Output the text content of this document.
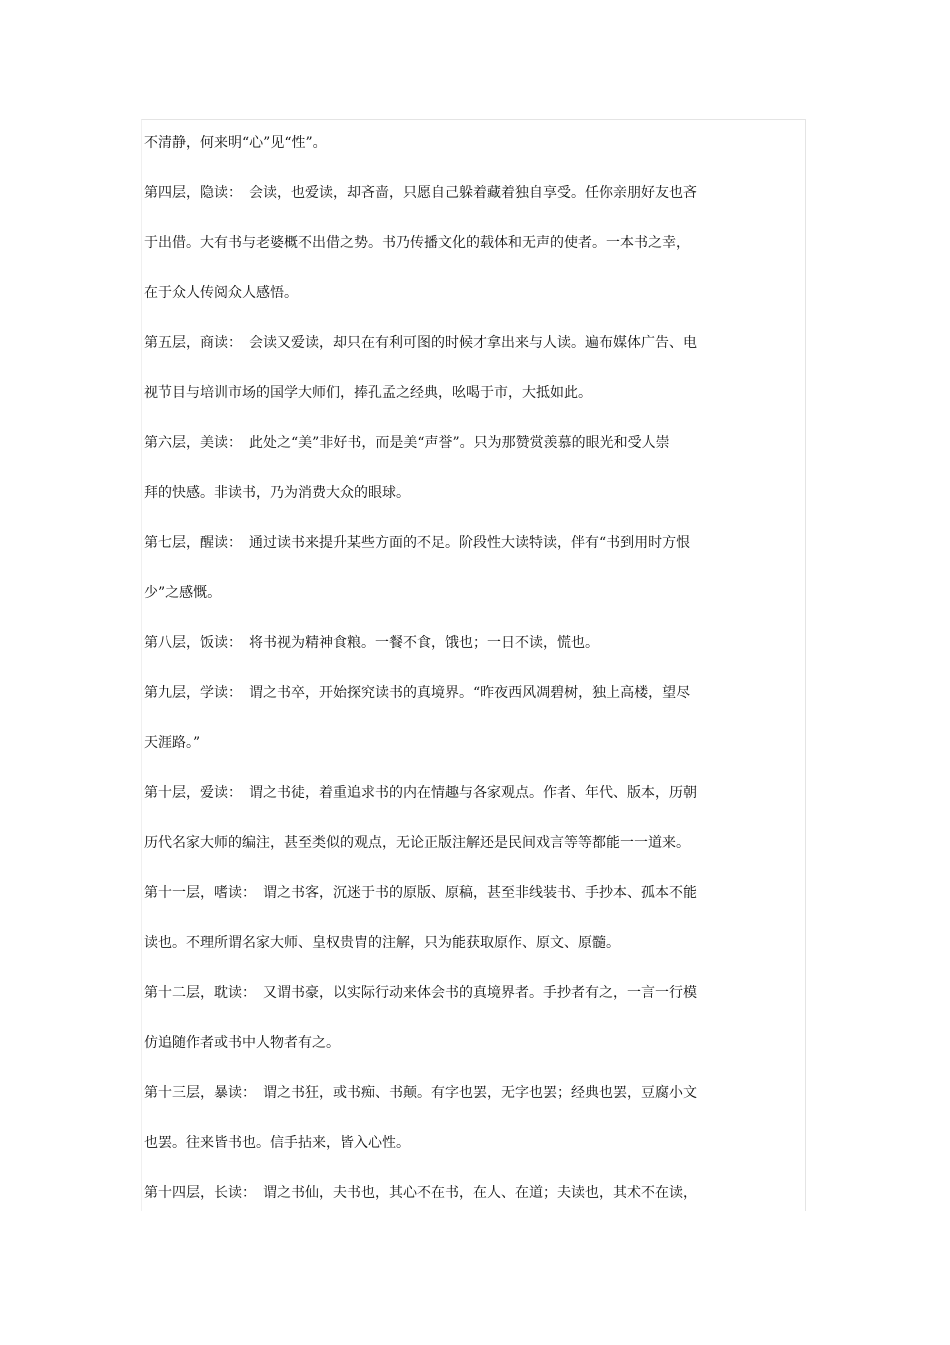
不清静，何来明“心”见“性”。
第四层，隐读：　会读，也爱读，却吝啬，只愿自己躲着藏着独自享受。任你亲朋好友也吝
于出借。大有书与老婆概不出借之势。书乃传播文化的载体和无声的使者。一本书之幸，
在于众人传阅众人感悟。
第五层，商读：　会读又爱读，却只在有利可图的时候才拿出来与人读。遍布媒体广告、电
视节目与培训市场的国学大师们，捧孔孟之经典，吆喝于市，大抵如此。
第六层，美读：　此处之“美”非好书，而是美“声誉”。只为那赞赏羡慕的眼光和受人崇
拜的快感。非读书，乃为消费大众的眼球。
第七层，醒读：　通过读书来提升某些方面的不足。阶段性大读特读，伴有“书到用时方恨
少”之感慨。
第八层，饭读：　将书视为精神食粮。一餐不食，饿也；一日不读，慌也。
第九层，学读：　谓之书卒，开始探究读书的真境界。“昨夜西风凋碧树，独上高楼，望尽
天涯路。”
第十层，爱读：　谓之书徒，着重追求书的内在情趣与各家观点。作者、年代、版本，历朝
历代名家大师的编注，甚至类似的观点，无论正版注解还是民间戏言等等都能一一道来。
第十一层，嗜读：　谓之书客，沉迷于书的原版、原稿，甚至非线装书、手抄本、孤本不能
读也。不理所谓名家大师、皇权贵胄的注解，只为能获取原作、原文、原髓。
第十二层，耽读：　又谓书豪，以实际行动来体会书的真境界者。手抄者有之，一言一行模
仿追随作者或书中人物者有之。
第十三层，暴读：　谓之书狂，或书痴、书颠。有字也罢，无字也罢；经典也罢，豆腐小文
也罢。往来皆书也。信手拈来，皆入心性。
第十四层，长读：　谓之书仙，夫书也，其心不在书，在人、在道；夫读也，其术不在读，
